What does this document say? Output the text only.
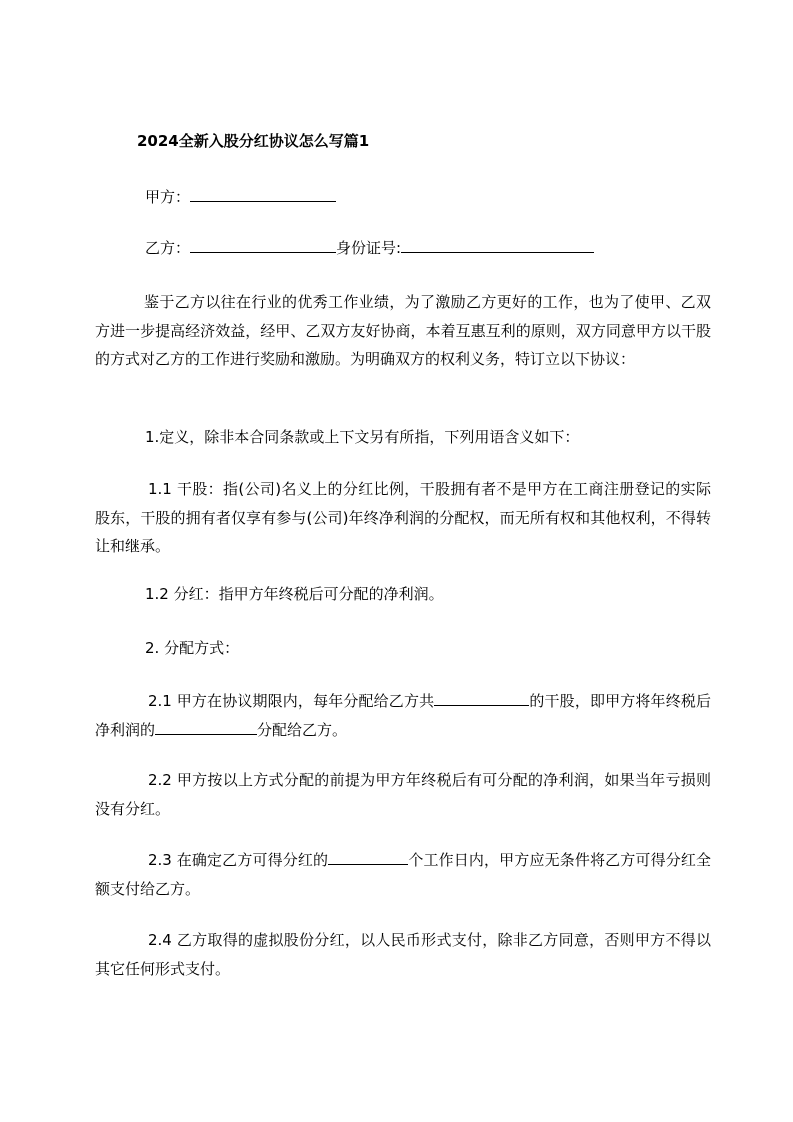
2024全新入股分红协议怎么写篇1
甲方：
乙方：	身份证号:
鉴于乙方以往在行业的优秀工作业绩，为了激励乙方更好的工作，也为了使甲、乙双方进一步提高经济效益，经甲、乙双方友好协商，本着互惠互利的原则，双方同意甲方以干股的方式对乙方的工作进行奖励和激励。为明确双方的权利义务，特订立以下协议：
1.定义，除非本合同条款或上下文另有所指，下列用语含义如下：
1.1 干股：指(公司)名义上的分红比例，干股拥有者不是甲方在工商注册登记的实际股东，干股的拥有者仅享有参与(公司)年终净利润的分配权，而无所有权和其他权利，不得转让和继承。
1.2 分红：指甲方年终税后可分配的净利润。
2. 分配方式：
2.1 甲方在协议期限内，每年分配给乙方共	的干股，即甲方将年终税后净利润的	分配给乙方。
2.2 甲方按以上方式分配的前提为甲方年终税后有可分配的净利润，如果当年亏损则没有分红。
2.3 在确定乙方可得分红的	个工作日内，甲方应无条件将乙方可得分红全额支付给乙方。
2.4 乙方取得的虚拟股份分红，以人民币形式支付，除非乙方同意，否则甲方不得以其它任何形式支付。
